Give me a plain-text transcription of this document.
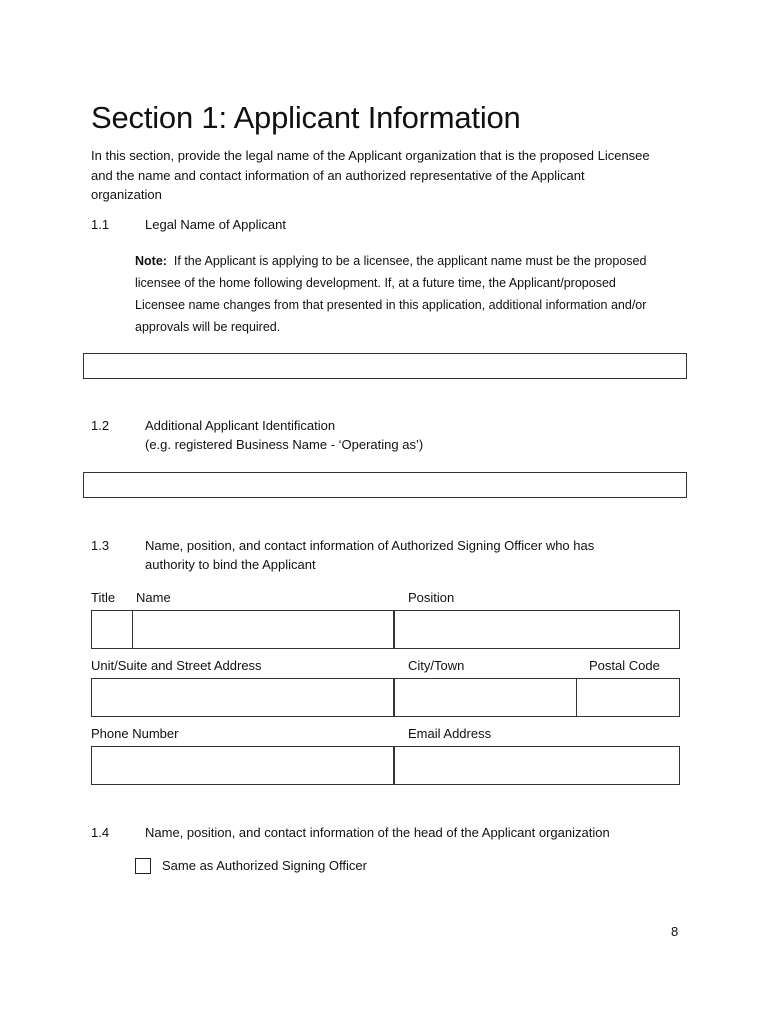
Section 1: Applicant Information
In this section, provide the legal name of the Applicant organization that is the proposed Licensee and the name and contact information of an authorized representative of the Applicant organization
1.1	Legal Name of Applicant
Note: If the Applicant is applying to be a licensee, the applicant name must be the proposed licensee of the home following development. If, at a future time, the Applicant/proposed Licensee name changes from that presented in this application, additional information and/or approvals will be required.
1.2	Additional Applicant Identification
(e.g. registered Business Name - ‘Operating as’)
1.3	Name, position, and contact information of Authorized Signing Officer who has
authority to bind the Applicant
Title Name	Position
Unit/Suite and Street Address	City/Town	Postal Code
Phone Number	Email Address
1.4	Name, position, and contact information of the head of the Applicant organization
Same as Authorized Signing Officer
8
